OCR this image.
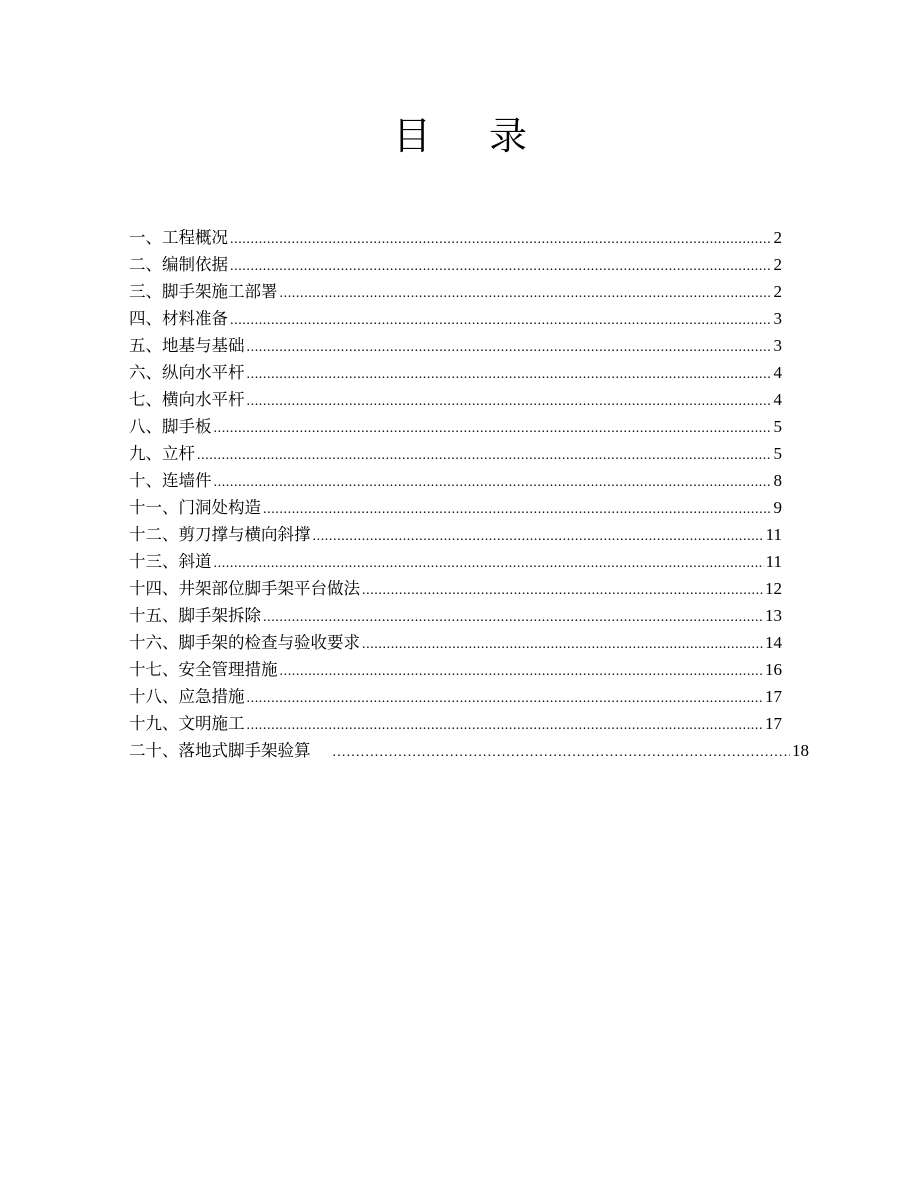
目 录
一、工程概况 .....	2
二、编制依据 .....	2
三、脚手架施工部署 .....	2
四、材料准备 .....	3
五、地基与基础 .....	3
六、纵向水平杆 .....	4
七、横向水平杆 .....	4
八、脚手板 .....	5
九、立杆 .....	5
十、连墙件 .....	8
十一、门洞处构造 .....	9
十二、剪刀撑与横向斜撑 .....	11
十三、斜道 .....	11
十四、井架部位脚手架平台做法 .....	12
十五、脚手架拆除 .....	13
十六、脚手架的检查与验收要求 .....	14
十七、安全管理措施 .....	16
十八、应急措施 .....	17
十九、文明施工 .....	17
二十、落地式脚手架验算 .....	18
